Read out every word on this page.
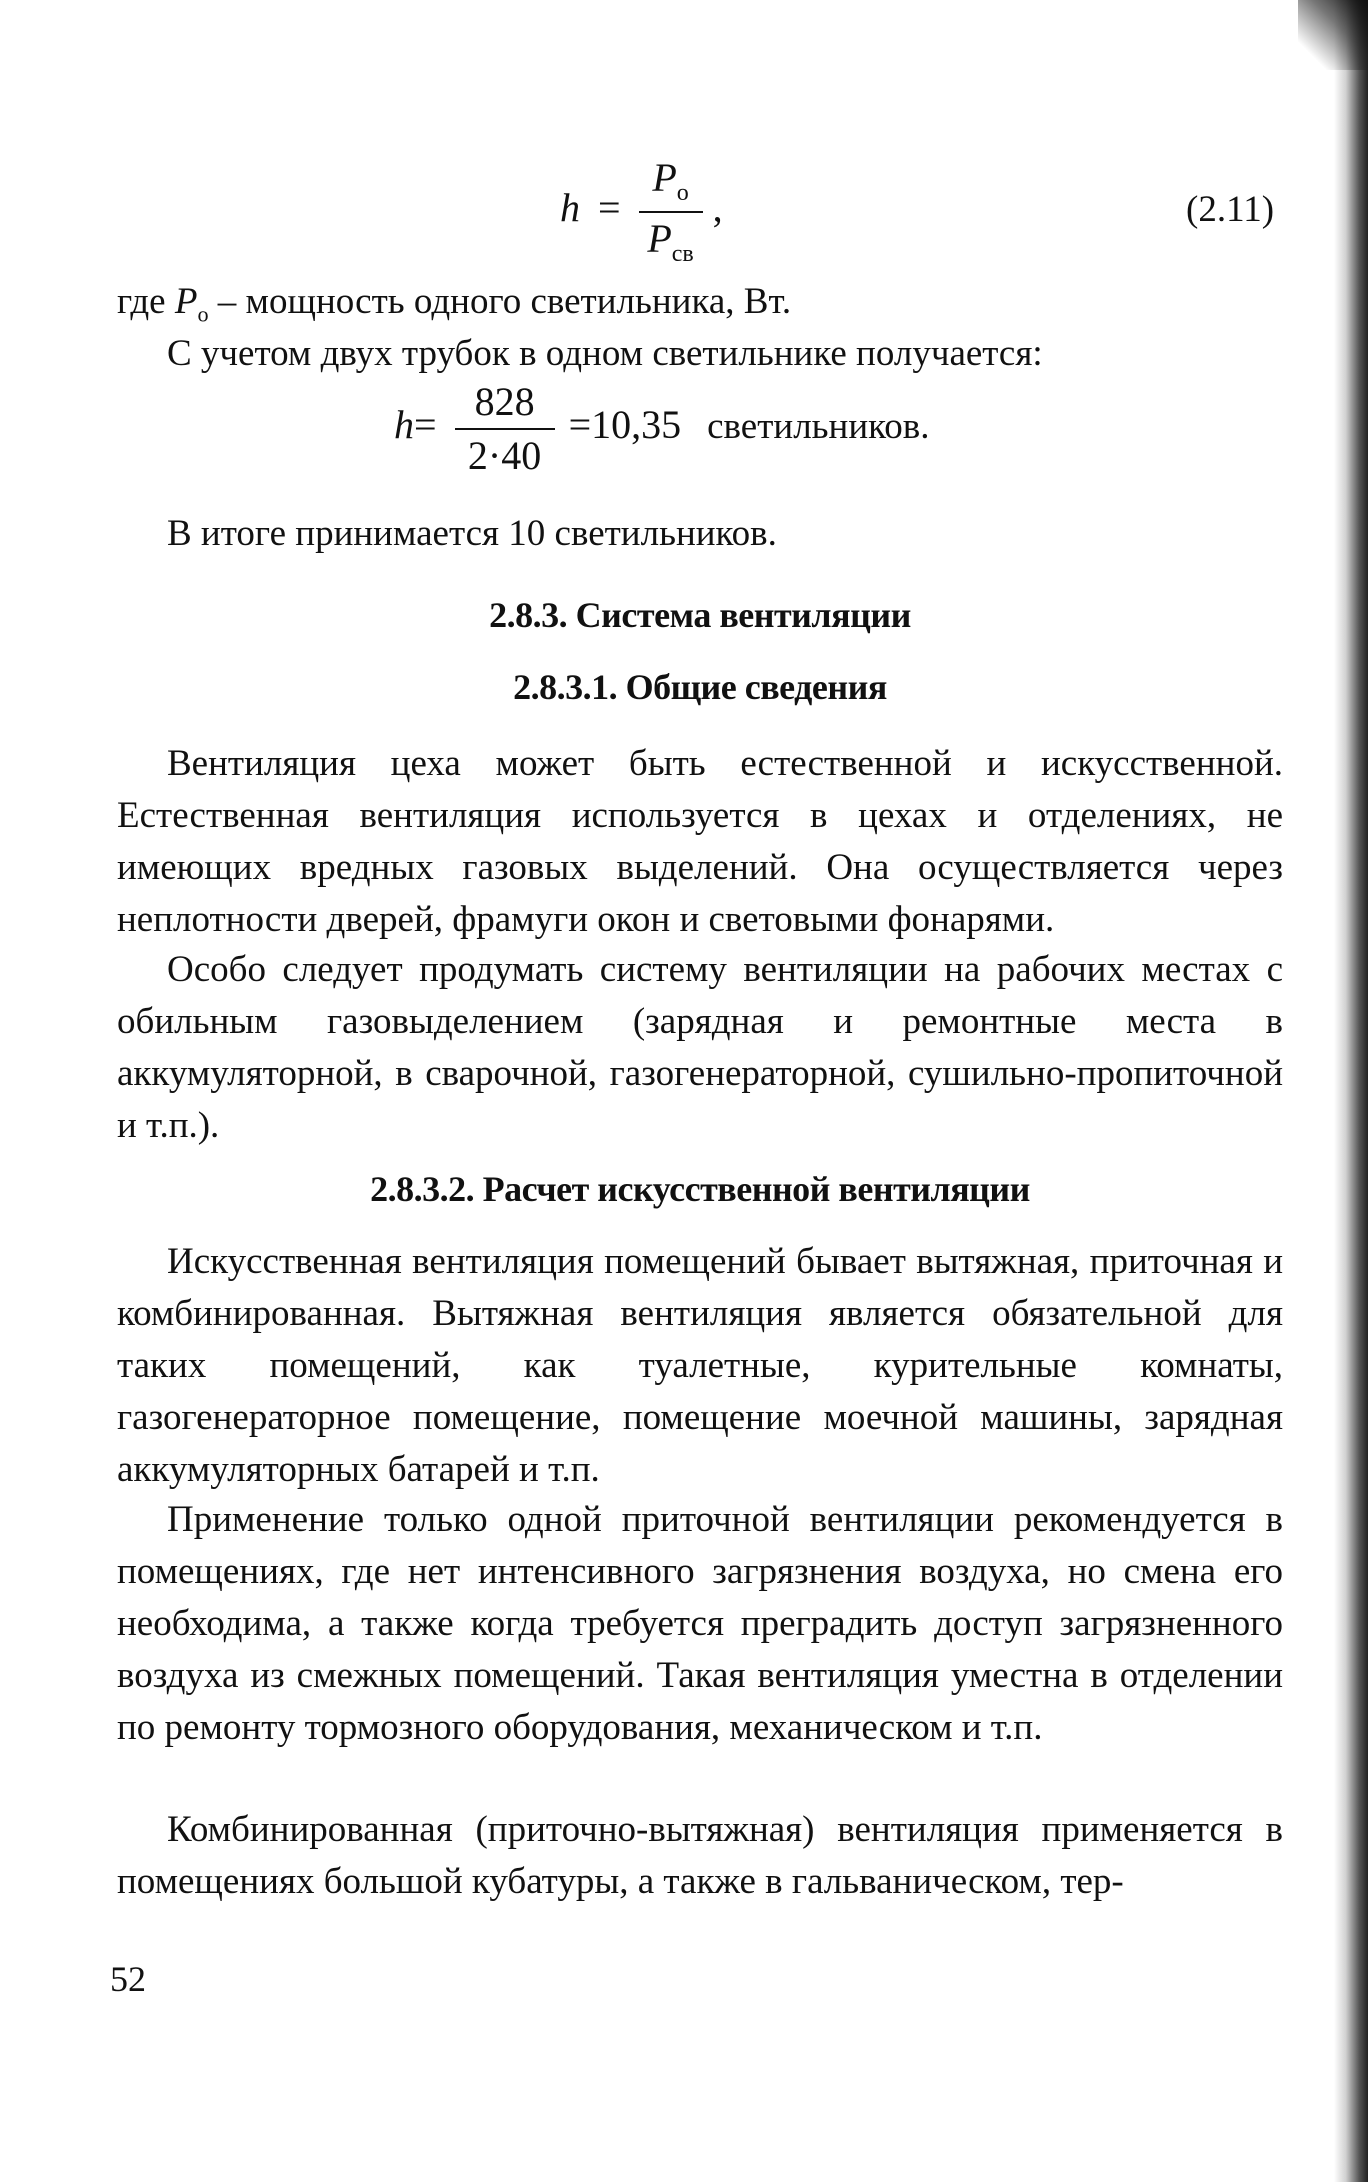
$h = \frac{P_о}{P_{св}}$ ,	(2.11)
где $P_о$ – мощность одного светильника, Вт.
С учетом двух трубок в одном светильнике получается:
$h= \frac{828}{2\cdot 40} =10,35$ светильников.
В итоге принимается 10 светильников.
2.8.3. Система вентиляции
2.8.3.1. Общие сведения
Вентиляция цеха может быть естественной и искусственной. Естественная вентиляция используется в цехах и отделениях, не имеющих вредных газовых выделений. Она осуществляется через неплотности дверей, фрамуги окон и световыми фонарями.
Особо следует продумать систему вентиляции на рабочих местах с обильным газовыделением (зарядная и ремонтные места в аккумуляторной, в сварочной, газогенераторной, сушильно-пропиточной и т.п.).
2.8.3.2. Расчет искусственной вентиляции
Искусственная вентиляция помещений бывает вытяжная, приточная и комбинированная. Вытяжная вентиляция является обязательной для таких помещений, как туалетные, курительные комнаты, газогенераторное помещение, помещение моечной машины, зарядная аккумуляторных батарей и т.п.
Применение только одной приточной вентиляции рекомендуется в помещениях, где нет интенсивного загрязнения воздуха, но смена его необходима, а также когда требуется преградить доступ загрязненного воздуха из смежных помещений. Такая вентиляция уместна в отделении по ремонту тормозного оборудования, механическом и т.п.
Комбинированная (приточно-вытяжная) вентиляция применяется в помещениях большой кубатуры, а также в гальваническом, тер-
52
